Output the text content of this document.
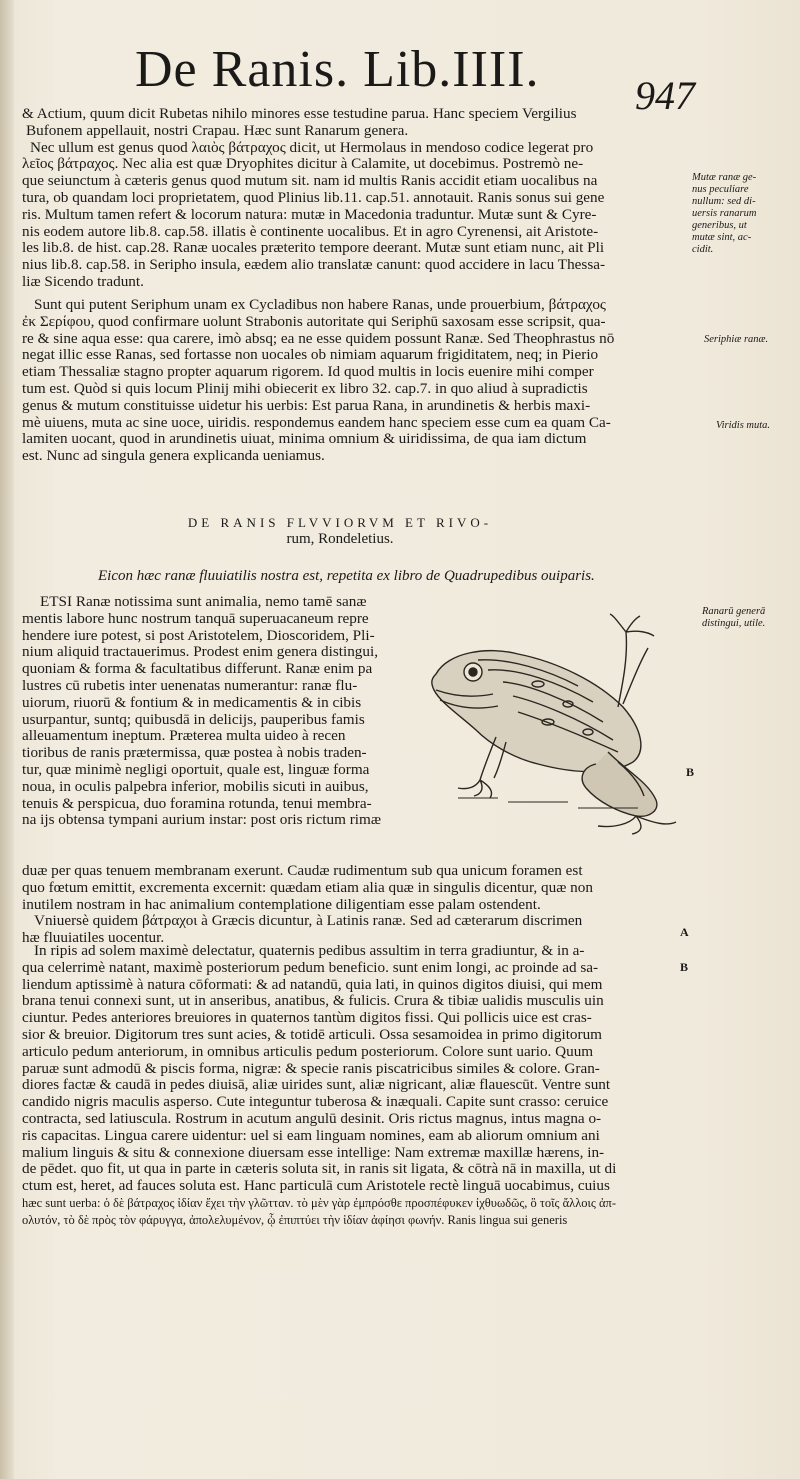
De Ranis. Lib.IIII. 947
& Actium, quum dicit Rubetas nihilo minores esse testudine parua. Hanc speciem Vergilius
Bufonem appellauit, nostri Crapau. Hæc sunt Ranarum genera.
Nec ullum est genus quod λαιὸς βάτραχος dicit, ut Hermolaus in mendoso codice legerat pro
λεῖος βάτραχος. Nec alia est quæ Dryophites dicitur à Calamite, ut docebimus. Postremò ne-
que seiunctum à cæteris genus quod mutum sit. nam id multis Ranis accidit etiam uocalibus na
tura, ob quandam loci proprietatem, quod Plinius lib.11. cap.51. annotauit. Ranis sonus sui gene
ris. Multum tamen refert & locorum natura: mutæ in Macedonia traduntur. Mutæ sunt & Cyre-
nis eodem autore lib.8. cap.58. illatis è continente uocalibus. Et in agro Cyrenensi, ait Aristote-
les lib.8. de hist. cap.28. Ranæ uocales præterito tempore deerant. Mutæ sunt etiam nunc, ait Pli
nius lib.8. cap.58. in Seripho insula, eædem alio translatæ canunt: quod accidere in lacu Thessa-
liæ Sicendo tradunt.
Sunt qui putent Seriphum unam ex Cycladibus non habere Ranas, unde prouerbium, βάτραχος
ἐκ Σερίφου, quod confirmare uolunt Strabonis autoritate qui Seriphū saxosam esse scripsit, qua-
re & sine aqua esse: qua carere, imò absq; ea ne esse quidem possunt Ranæ. Sed Theophrastus nō
negat illic esse Ranas, sed fortasse non uocales ob nimiam aquarum frigiditatem, neq; in Pierio
etiam Thessaliæ stagno propter aquarum rigorem. Id quod multis in locis euenire mihi comper
tum est. Quòd si quis locum Plinij mihi obiecerit ex libro 32. cap.7. in quo aliud à supradictis
genus & mutum constituisse uidetur his uerbis: Est parua Rana, in arundinetis & herbis maxi-
mè uiuens, muta ac sine uoce, uiridis. respondemus eandem hanc speciem esse cum ea quam Ca-
lamiten uocant, quod in arundinetis uiuat, minima omnium & uiridissima, de qua iam dictum
est. Nunc ad singula genera explicanda ueniamus.
DE RANIS FLVVIORVM ET RIVO-
rum, Rondeletius.
Eicon hæc ranæ fluuiatilis nostra est, repetita ex libro de Quadrupedibus ouiparis.
ETSI Ranæ notissima sunt animalia, nemo tamē sanæ
mentis labore hunc nostrum tanquā superuacaneum repre
hendere iure potest, si post Aristotelem, Dioscoridem, Pli-
nium aliquid tractauerimus. Prodest enim genera distingui,
quoniam & forma & facultatibus differunt. Ranæ enim pa
lustres cū rubetis inter uenenatas numerantur: ranæ flu-
uiorum, riuorū & fontium & in medicamentis & in cibis
usurpantur, suntq; quibusdā in delicijs, pauperibus famis
alleuamentum ineptum. Præterea multa uideo à recen
tioribus de ranis prætermissa, quæ postea à nobis traden-
tur, quæ minimè negligi oportuit, quale est, linguæ forma
noua, in oculis palpebra inferior, mobilis sicuti in auibus,
tenuis & perspicua, duo foramina rotunda, tenui membra-
na ijs obtensa tympani aurium instar: post oris rictum rimæ
duæ per quas tenuem membranam exerunt. Caudæ rudimentum sub qua unicum foramen est
quo fœtum emittit, excrementa excernit: quædam etiam alia quæ in singulis dicentur, quæ non
inutilem nostram in hac animalium contemplatione diligentiam esse palam ostendent.
Vniuersè quidem βάτραχοι à Græcis dicuntur, à Latinis ranæ. Sed ad cæterarum discrimen
hæ fluuiatiles uocentur.
In ripis ad solem maximè delectatur, quaternis pedibus assultim in terra gradiuntur, & in a-
qua celerrimè natant, maximè posteriorum pedum beneficio. sunt enim longi, ac proinde ad sa-
liendum aptissimè à natura cōformati: & ad natandū, quia lati, in quinos digitos diuisi, qui mem
brana tenui connexi sunt, ut in anseribus, anatibus, & fulicis. Crura & tibiæ ualidis musculis uin
ciuntur. Pedes anteriores breuiores in quaternos tantùm digitos fissi. Qui pollicis uice est cras-
sior & breuior. Digitorum tres sunt acies, & totidē articuli. Ossa sesamoidea in primo digitorum
articulo pedum anteriorum, in omnibus articulis pedum posteriorum. Colore sunt uario. Quum
paruæ sunt admodū & piscis forma, nigræ: & specie ranis piscatricibus similes & colore. Gran-
diores factæ & caudā in pedes diuisā, aliæ uirides sunt, aliæ nigricant, aliæ flauescūt. Ventre sunt
candido nigris maculis asperso. Cute integuntur tuberosa & inæquali. Capite sunt crasso: ceruice
contracta, sed latiuscula. Rostrum in acutum angulū desinit. Oris rictus magnus, intus magna o-
ris capacitas. Lingua carere uidentur: uel si eam linguam nomines, eam ab aliorum omnium ani
malium linguis & situ & connexione diuersam esse intellige: Nam extremæ maxillæ hærens, in-
de pēdet. quo fit, ut qua in parte in cæteris soluta sit, in ranis sit ligata, & cōtrà nā in maxilla, ut di
ctum est, heret, ad fauces soluta est. Hanc particulā cum Aristotele rectè linguā uocabimus, cuius
hæc sunt uerba: ὁ δὲ βάτραχος ἰδίαν ἔχει τὴν γλῶτταν. τὸ μὲν γὰρ ἐμπρόσθε προσπέφυκεν ἰχθυωδῶς, ὃ τοῖς ἄλλοις ἀπ-
ολυτόν, τὸ δὲ πρὸς τὸν φάρυγγα, ἀπολελυμένον, ᾧ ἐπιπτύει τὴν ἰδίαν ἀφίησι φωνήν. Ranis lingua sui generis
Mutæ ranæ ge-
nus peculiare
nullum: sed di-
uersis ranarum
generibus, ut
mutæ sint, ac-
cidit.
Seriphiæ ranæ.
Viridis muta.
Ranarū generā
distingui, utile.
B
A
B
